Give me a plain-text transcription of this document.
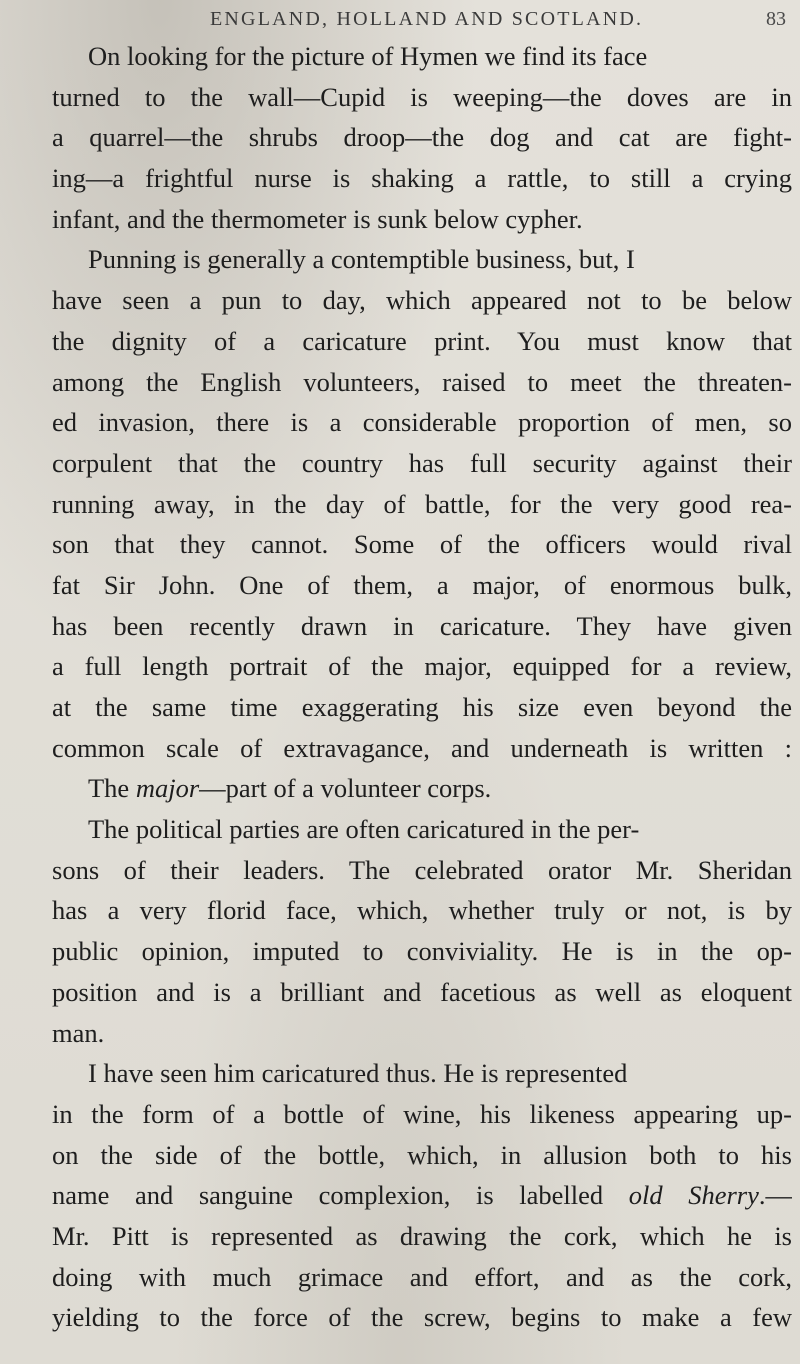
ENGLAND, HOLLAND AND SCOTLAND.	83
On looking for the picture of Hymen we find its face
turned to the wall—Cupid is weeping—the doves are in
a quarrel—the shrubs droop—the dog and cat are fight-
ing—a frightful nurse is shaking a rattle, to still a crying
infant, and the thermometer is sunk below cypher.
Punning is generally a contemptible business, but, I
have seen a pun to day, which appeared not to be below
the dignity of a caricature print. You must know that
among the English volunteers, raised to meet the threaten-
ed invasion, there is a considerable proportion of men, so
corpulent that the country has full security against their
running away, in the day of battle, for the very good rea-
son that they cannot. Some of the officers would rival
fat Sir John. One of them, a major, of enormous bulk,
has been recently drawn in caricature. They have given
a full length portrait of the major, equipped for a review,
at the same time exaggerating his size even beyond the
common scale of extravagance, and underneath is written :
The major—part of a volunteer corps.
The political parties are often caricatured in the per-
sons of their leaders. The celebrated orator Mr. Sheridan
has a very florid face, which, whether truly or not, is by
public opinion, imputed to conviviality. He is in the op-
position and is a brilliant and facetious as well as eloquent
man.
I have seen him caricatured thus. He is represented
in the form of a bottle of wine, his likeness appearing up-
on the side of the bottle, which, in allusion both to his
name and sanguine complexion, is labelled old Sherry.—
Mr. Pitt is represented as drawing the cork, which he is
doing with much grimace and effort, and as the cork,
yielding to the force of the screw, begins to make a few
